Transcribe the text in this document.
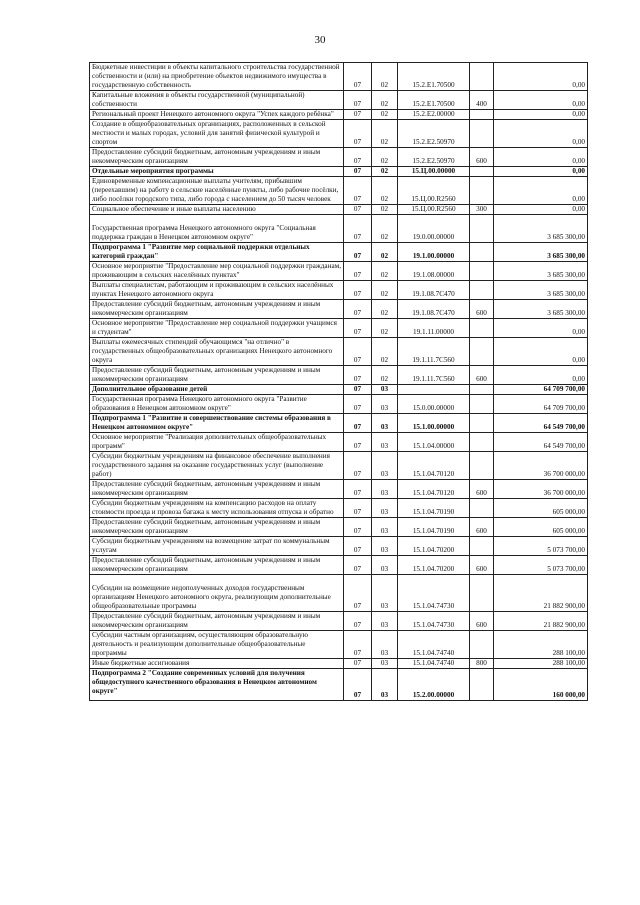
30
Бюджетные инвестиции в объекты капитального строительства государственной собственности и (или) на приобретение объектов недвижимого имущества в государственную собственность	07	02	15.2.E1.70500		0,00
Капитальные вложения в объекты государственной (муниципальной) собственности	07	02	15.2.E1.70500	400	0,00
Региональный проект Ненецкого автономного округа "Успех каждого ребёнка"	07	02	15.2.E2.00000		0,00
Создание в общеобразовательных организациях, расположенных в сельской местности и малых городах, условий для занятий физической культурой и спортом	07	02	15.2.E2.50970		0,00
Предоставление субсидий бюджетным, автономным учреждениям и иным некоммерческим организациям	07	02	15.2.E2.50970	600	0,00
Отдельные мероприятия программы	07	02	15.Ц.00.00000		0,00
Единовременные компенсационные выплаты учителям, прибывшим (переехавшим) на работу в сельские населённые пункты, либо рабочие посёлки, либо посёлки городского типа, либо города с населением до 50 тысяч человек	07	02	15.Ц.00.R2560		0,00
Социальное обеспечение и иные выплаты населению	07	02	15.Ц.00.R2560	300	0,00
Государственная программа Ненецкого автономного округа "Социальная поддержка граждан в Ненецком автономном округе"	07	02	19.0.00.00000		3 685 300,00
Подпрограмма 1 "Развитие мер социальной поддержки отдельных категорий граждан"	07	02	19.1.00.00000		3 685 300,00
Основное мероприятие "Предоставление мер социальной поддержки гражданам, проживающим в сельских населённых пунктах"	07	02	19.1.08.00000		3 685 300,00
Выплаты специалистам, работающим и проживающим в сельских населённых пунктах Ненецкого автономного округа	07	02	19.1.08.7C470		3 685 300,00
Предоставление субсидий бюджетным, автономным учреждениям и иным некоммерческим организациям	07	02	19.1.08.7C470	600	3 685 300,00
Основное мероприятие "Предоставление мер социальной поддержки учащимся и студентам"	07	02	19.1.11.00000		0,00
Выплаты ежемесячных стипендий обучающимся "на отлично" в государственных общеобразовательных организациях Ненецкого автономного округа	07	02	19.1.11.7C560		0,00
Предоставление субсидий бюджетным, автономным учреждениям и иным некоммерческим организациям	07	02	19.1.11.7C560	600	0,00
Дополнительное образование детей	07	03			64 709 700,00
Государственная программа Ненецкого автономного округа "Развитие образования в Ненецком автономном округе"	07	03	15.0.00.00000		64 709 700,00
Подпрограмма 1 "Развитие и совершенствование системы образования в Ненецком автономном округе"	07	03	15.1.00.00000		64 549 700,00
Основное мероприятие "Реализация дополнительных общеобразовательных программ"	07	03	15.1.04.00000		64 549 700,00
Субсидии бюджетным учреждениям на финансовое обеспечение выполнения государственного задания на оказание государственных услуг (выполнение работ)	07	03	15.1.04.70120		36 700 000,00
Предоставление субсидий бюджетным, автономным учреждениям и иным некоммерческим организациям	07	03	15.1.04.70120	600	36 700 000,00
Субсидии бюджетным учреждениям на компенсацию расходов на оплату стоимости проезда и провоза багажа к месту использования отпуска и обратно	07	03	15.1.04.70190		605 000,00
Предоставление субсидий бюджетным, автономным учреждениям и иным некоммерческим организациям	07	03	15.1.04.70190	600	605 000,00
Субсидии бюджетным учреждениям на возмещение затрат по коммунальным услугам	07	03	15.1.04.70200		5 073 700,00
Предоставление субсидий бюджетным, автономным учреждениям и иным некоммерческим организациям	07	03	15.1.04.70200	600	5 073 700,00
Субсидии на возмещение недополученных доходов государственным организациям Ненецкого автономного округа, реализующим дополнительные общеобразовательные программы	07	03	15.1.04.74730		21 882 900,00
Предоставление субсидий бюджетным, автономным учреждениям и иным некоммерческим организациям	07	03	15.1.04.74730	600	21 882 900,00
Субсидии частным организациям, осуществляющим образовательную деятельность и реализующим дополнительные общеобразовательные программы	07	03	15.1.04.74740		288 100,00
Иные бюджетные ассигнования	07	03	15.1.04.74740	800	288 100,00
Подпрограмма 2 "Создание современных условий для получения общедоступного качественного образования в Ненецком автономном округе"	07	03	15.2.00.00000		160 000,00
